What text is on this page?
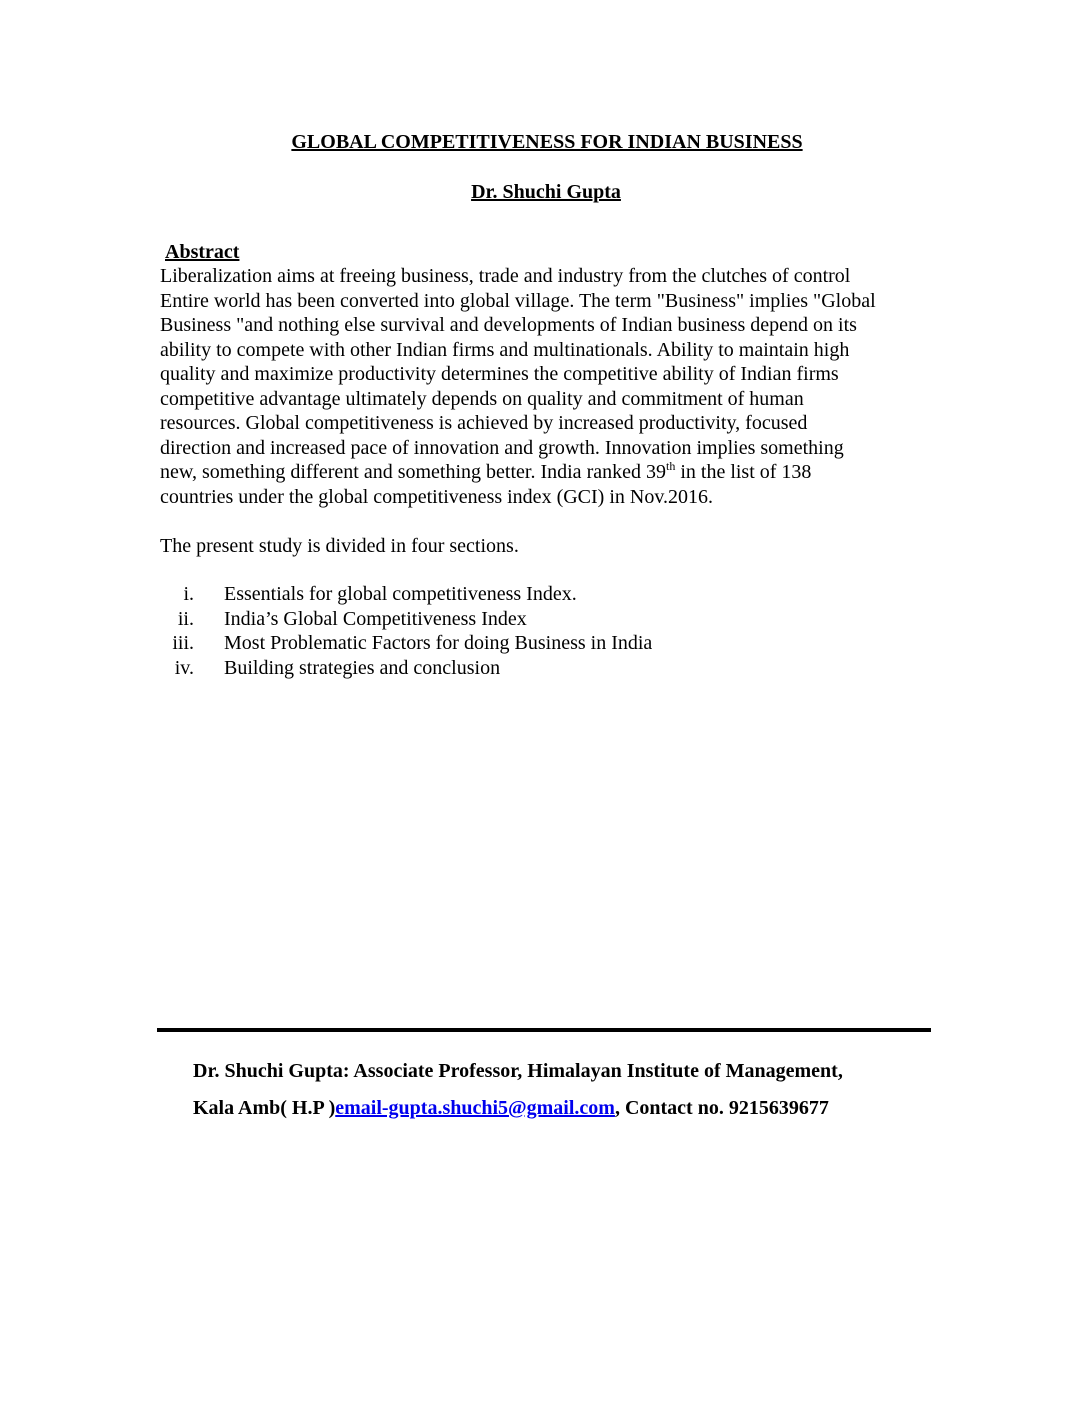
GLOBAL COMPETITIVENESS FOR INDIAN BUSINESS
Dr. Shuchi Gupta
Abstract
Liberalization aims at freeing business, trade and industry from the clutches of control
Entire world has been converted into global village. The term "Business" implies "Global
Business "and nothing else survival and developments of Indian business depend on its
ability to compete with other Indian firms and multinationals. Ability to maintain high
quality and maximize productivity determines the competitive ability of Indian firms
competitive advantage ultimately depends on quality and commitment of human
resources. Global competitiveness is achieved by increased productivity, focused
direction and increased pace of innovation and growth. Innovation implies something
new, something different and something better. India ranked 39th in the list of 138
countries under the global competitiveness index (GCI) in Nov.2016.
The present study is divided in four sections.
i. Essentials for global competitiveness Index.
ii. India’s Global Competitiveness Index
iii. Most Problematic Factors for doing Business in India
iv. Building strategies and conclusion
Dr. Shuchi Gupta: Associate Professor, Himalayan Institute of Management,
Kala Amb( H.P )email-gupta.shuchi5@gmail.com, Contact no. 9215639677
